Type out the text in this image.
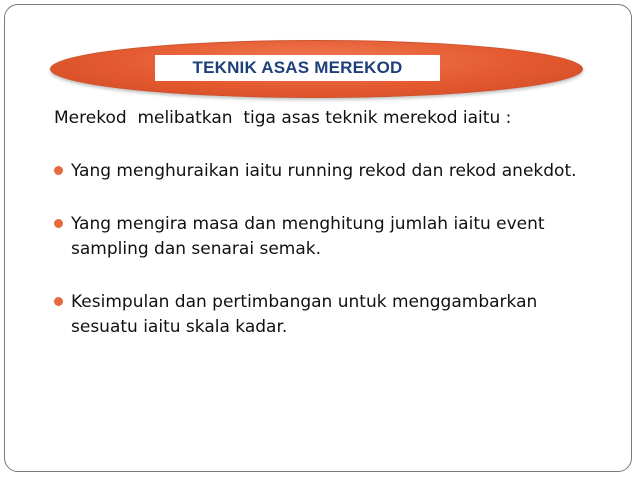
TEKNIK ASAS MEREKOD

Merekod  melibatkan  tiga asas teknik merekod iaitu :

Yang menghuraikan iaitu running rekod dan rekod anekdot.
Yang mengira masa dan menghitung jumlah iaitu event sampling dan senarai semak.
Kesimpulan dan pertimbangan untuk menggambarkan sesuatu iaitu skala kadar.
